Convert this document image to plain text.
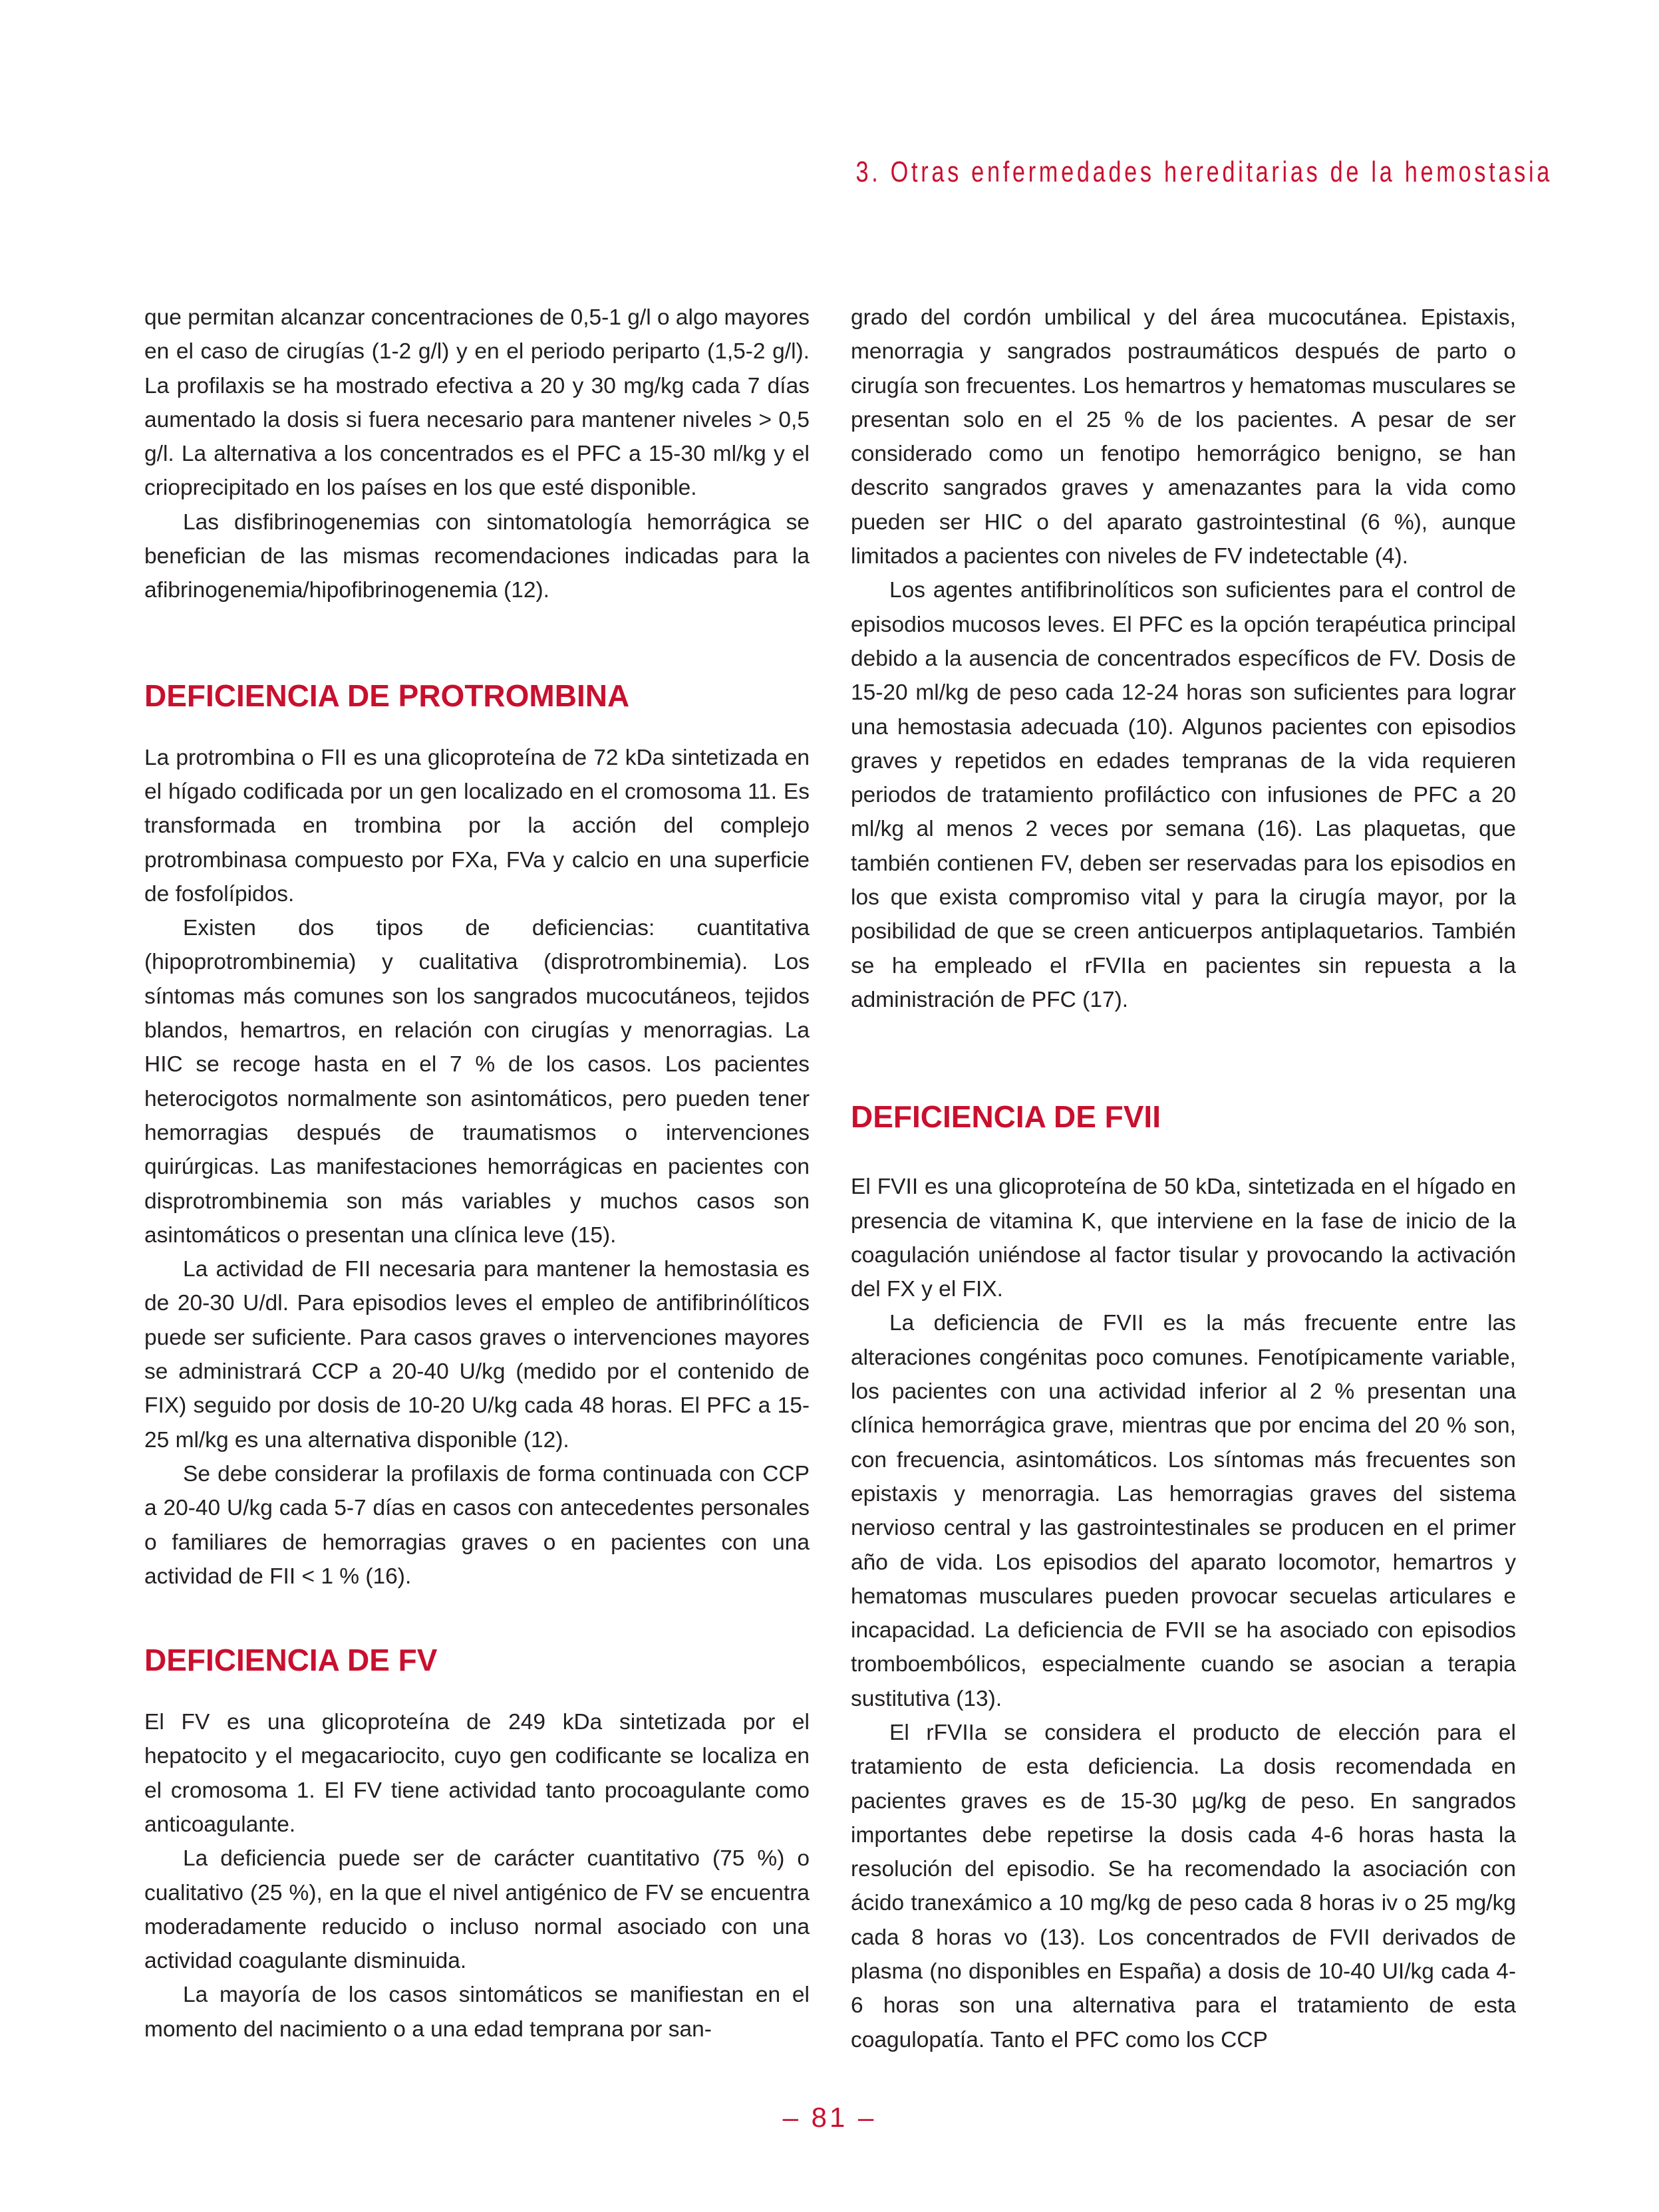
3. Otras enfermedades hereditarias de la hemostasia

que permitan alcanzar concentraciones de 0,5-1 g/l o algo mayores en el caso de cirugías (1-2 g/l) y en el periodo periparto (1,5-2 g/l). La profilaxis se ha mostrado efectiva a 20 y 30 mg/kg cada 7 días aumentado la dosis si fuera necesario para mantener niveles > 0,5 g/l. La alternativa a los concentrados es el PFC a 15-30 ml/kg y el crioprecipitado en los países en los que esté disponible.

Las disfibrinogenemias con sintomatología hemorrágica se benefician de las mismas recomendaciones indicadas para la afibrinogenemia/hipofibrinogenemia (12).

DEFICIENCIA DE PROTROMBINA

La protrombina o FII es una glicoproteína de 72 kDa sintetizada en el hígado codificada por un gen localizado en el cromosoma 11. Es transformada en trombina por la acción del complejo protrombinasa compuesto por FXa, FVa y calcio en una superficie de fosfolípidos.

Existen dos tipos de deficiencias: cuantitativa (hipoprotrombinemia) y cualitativa (disprotrombinemia). Los síntomas más comunes son los sangrados mucocutáneos, tejidos blandos, hemartros, en relación con cirugías y menorragias. La HIC se recoge hasta en el 7 % de los casos. Los pacientes heterocigotos normalmente son asintomáticos, pero pueden tener hemorragias después de traumatismos o intervenciones quirúrgicas. Las manifestaciones hemorrágicas en pacientes con disprotrombinemia son más variables y muchos casos son asintomáticos o presentan una clínica leve (15).

La actividad de FII necesaria para mantener la hemostasia es de 20-30 U/dl. Para episodios leves el empleo de antifibrinólíticos puede ser suficiente. Para casos graves o intervenciones mayores se administrará CCP a 20-40 U/kg (medido por el contenido de FIX) seguido por dosis de 10-20 U/kg cada 48 horas. El PFC a 15-25 ml/kg es una alternativa disponible (12).

Se debe considerar la profilaxis de forma continuada con CCP a 20-40 U/kg cada 5-7 días en casos con antecedentes personales o familiares de hemorragias graves o en pacientes con una actividad de FII < 1 % (16).

DEFICIENCIA DE FV

El FV es una glicoproteína de 249 kDa sintetizada por el hepatocito y el megacariocito, cuyo gen codificante se localiza en el cromosoma 1. El FV tiene actividad tanto procoagulante como anticoagulante.

La deficiencia puede ser de carácter cuantitativo (75 %) o cualitativo (25 %), en la que el nivel antigénico de FV se encuentra moderadamente reducido o incluso normal asociado con una actividad coagulante disminuida.

La mayoría de los casos sintomáticos se manifiestan en el momento del nacimiento o a una edad temprana por san-

grado del cordón umbilical y del área mucocutánea. Epistaxis, menorragia y sangrados postraumáticos después de parto o cirugía son frecuentes. Los hemartros y hematomas musculares se presentan solo en el 25 % de los pacientes. A pesar de ser considerado como un fenotipo hemorrágico benigno, se han descrito sangrados graves y amenazantes para la vida como pueden ser HIC o del aparato gastrointestinal (6 %), aunque limitados a pacientes con niveles de FV indetectable (4).

Los agentes antifibrinolíticos son suficientes para el control de episodios mucosos leves. El PFC es la opción terapéutica principal debido a la ausencia de concentrados específicos de FV. Dosis de 15-20 ml/kg de peso cada 12-24 horas son suficientes para lograr una hemostasia adecuada (10). Algunos pacientes con episodios graves y repetidos en edades tempranas de la vida requieren periodos de tratamiento profiláctico con infusiones de PFC a 20 ml/kg al menos 2 veces por semana (16). Las plaquetas, que también contienen FV, deben ser reservadas para los episodios en los que exista compromiso vital y para la cirugía mayor, por la posibilidad de que se creen anticuerpos antiplaquetarios. También se ha empleado el rFVIIa en pacientes sin repuesta a la administración de PFC (17).

DEFICIENCIA DE FVII

El FVII es una glicoproteína de 50 kDa, sintetizada en el hígado en presencia de vitamina K, que interviene en la fase de inicio de la coagulación uniéndose al factor tisular y provocando la activación del FX y el FIX.

La deficiencia de FVII es la más frecuente entre las alteraciones congénitas poco comunes. Fenotípicamente variable, los pacientes con una actividad inferior al 2 % presentan una clínica hemorrágica grave, mientras que por encima del 20 % son, con frecuencia, asintomáticos. Los síntomas más frecuentes son epistaxis y menorragia. Las hemorragias graves del sistema nervioso central y las gastrointestinales se producen en el primer año de vida. Los episodios del aparato locomotor, hemartros y hematomas musculares pueden provocar secuelas articulares e incapacidad. La deficiencia de FVII se ha asociado con episodios tromboembólicos, especialmente cuando se asocian a terapia sustitutiva (13).

El rFVIIa se considera el producto de elección para el tratamiento de esta deficiencia. La dosis recomendada en pacientes graves es de 15-30 µg/kg de peso. En sangrados importantes debe repetirse la dosis cada 4-6 horas hasta la resolución del episodio. Se ha recomendado la asociación con ácido tranexámico a 10 mg/kg de peso cada 8 horas iv o 25 mg/kg cada 8 horas vo (13). Los concentrados de FVII derivados de plasma (no disponibles en España) a dosis de 10-40 UI/kg cada 4-6 horas son una alternativa para el tratamiento de esta coagulopatía. Tanto el PFC como los CCP

– 81 –
